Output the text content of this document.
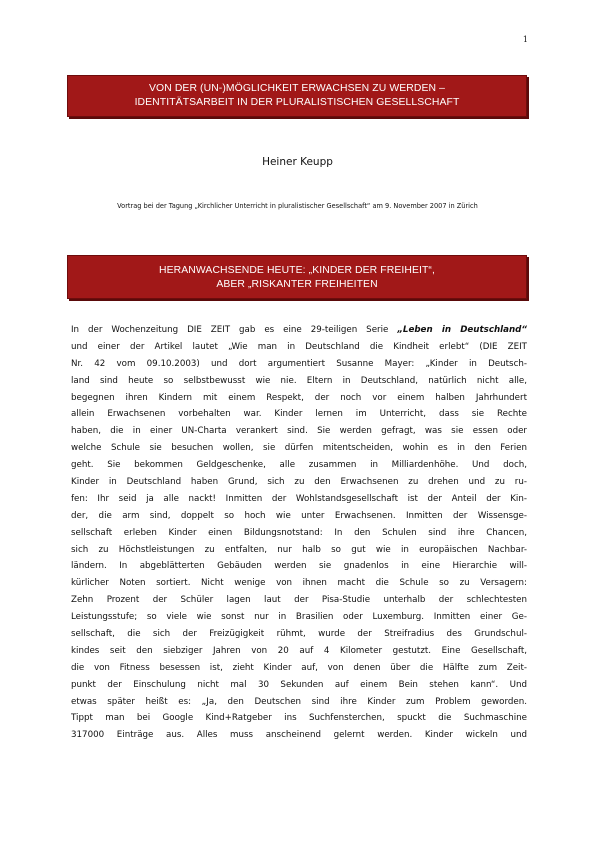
1
VON DER (UN-)MÖGLICHKEIT ERWACHSEN ZU WERDEN –
IDENTITÄTSARBEIT IN DER PLURALISTISCHEN GESELLSCHAFT
Heiner Keupp
Vortrag bei der Tagung „Kirchlicher Unterricht in pluralistischer Gesellschaft“ am 9. November 2007 in Zürich
HERANWACHSENDE HEUTE: „KINDER DER FREIHEIT“,
ABER „RISKANTER FREIHEITEN
In der Wochenzeitung DIE ZEIT gab es eine 29-teiligen Serie „Leben in Deutschland“
und einer der Artikel lautet „Wie man in Deutschland die Kindheit erlebt“ (DIE ZEIT
Nr. 42 vom 09.10.2003) und dort argumentiert Susanne Mayer: „Kinder in Deutsch-
land sind heute so selbstbewusst wie nie. Eltern in Deutschland, natürlich nicht alle,
begegnen ihren Kindern mit einem Respekt, der noch vor einem halben Jahrhundert
allein Erwachsenen vorbehalten war. Kinder lernen im Unterricht, dass sie Rechte
haben, die in einer UN-Charta verankert sind. Sie werden gefragt, was sie essen oder
welche Schule sie besuchen wollen, sie dürfen mitentscheiden, wohin es in den Ferien
geht. Sie bekommen Geldgeschenke, alle zusammen in Milliardenhöhe. Und doch,
Kinder in Deutschland haben Grund, sich zu den Erwachsenen zu drehen und zu ru-
fen: Ihr seid ja alle nackt! Inmitten der Wohlstandsgesellschaft ist der Anteil der Kin-
der, die arm sind, doppelt so hoch wie unter Erwachsenen. Inmitten der Wissensge-
sellschaft erleben Kinder einen Bildungsnotstand: In den Schulen sind ihre Chancen,
sich zu Höchstleistungen zu entfalten, nur halb so gut wie in europäischen Nachbar-
ländern. In abgeblätterten Gebäuden werden sie gnadenlos in eine Hierarchie will-
kürlicher Noten sortiert. Nicht wenige von ihnen macht die Schule so zu Versagern:
Zehn Prozent der Schüler lagen laut der Pisa-Studie unterhalb der schlechtesten
Leistungsstufe; so viele wie sonst nur in Brasilien oder Luxemburg. Inmitten einer Ge-
sellschaft, die sich der Freizügigkeit rühmt, wurde der Streifradius des Grundschul-
kindes seit den siebziger Jahren von 20 auf 4 Kilometer gestutzt. Eine Gesellschaft,
die von Fitness besessen ist, zieht Kinder auf, von denen über die Hälfte zum Zeit-
punkt der Einschulung nicht mal 30 Sekunden auf einem Bein stehen kann“. Und
etwas später heißt es: „Ja, den Deutschen sind ihre Kinder zum Problem geworden.
Tippt man bei Google Kind+Ratgeber ins Suchfensterchen, spuckt die Suchmaschine
317000 Einträge aus. Alles muss anscheinend gelernt werden. Kinder wickeln und
